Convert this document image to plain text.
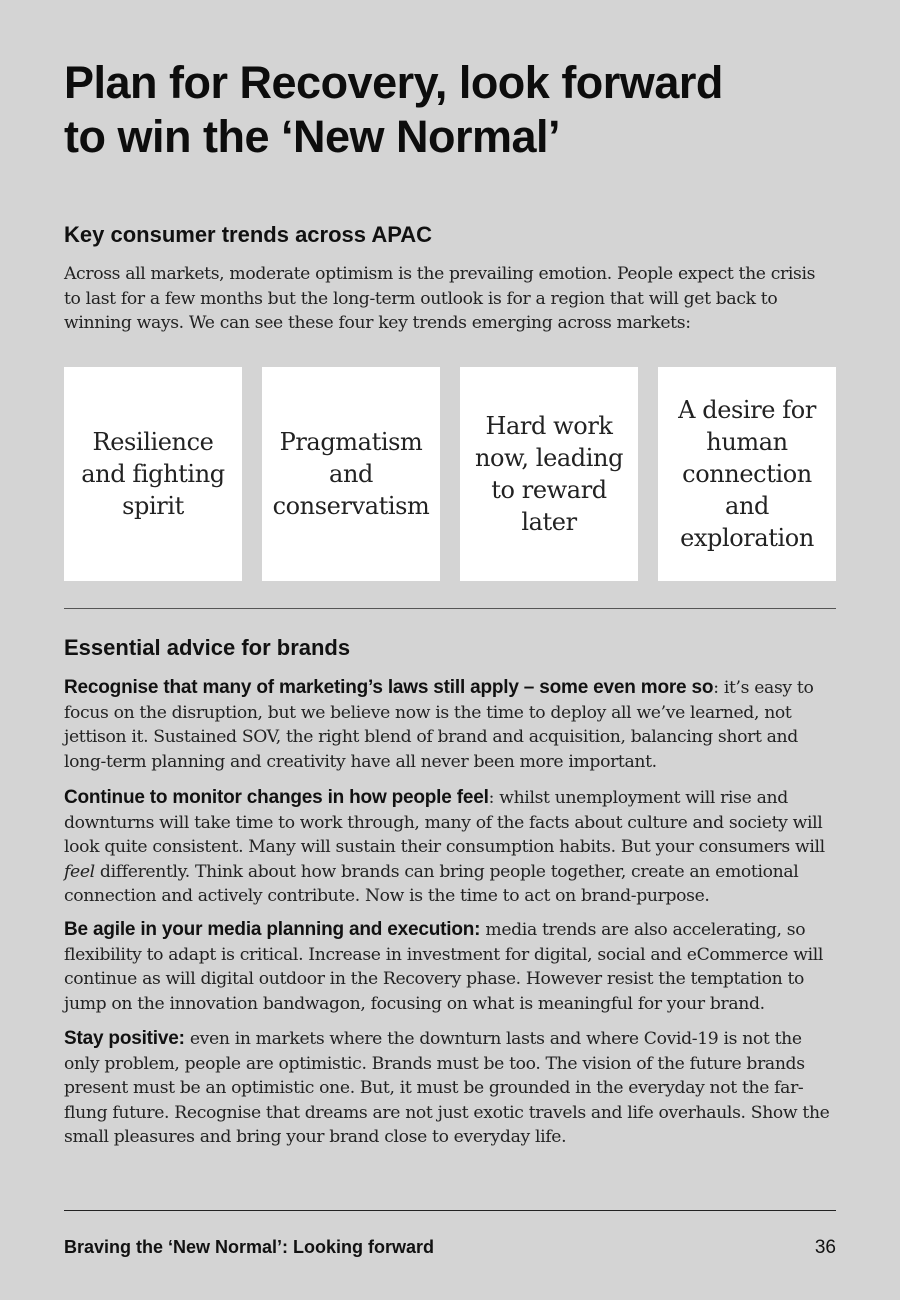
Plan for Recovery, look forward
to win the ‘New Normal’
Key consumer trends across APAC

Across all markets, moderate optimism is the prevailing emotion. People expect the crisis to last for a few months but the long-term outlook is for a region that will get back to winning ways. We can see these four key trends emerging across markets:

Resilience and fighting spirit
Pragmatism and conservatism
Hard work now, leading to reward later
A desire for human connection and exploration
Essential advice for brands

Recognise that many of marketing’s laws still apply – some even more so: it’s easy to focus on the disruption, but we believe now is the time to deploy all we’ve learned, not jettison it. Sustained SOV, the right blend of brand and acquisition, balancing short and long-term planning and creativity have all never been more important.

Continue to monitor changes in how people feel: whilst unemployment will rise and downturns will take time to work through, many of the facts about culture and society will look quite consistent. Many will sustain their consumption habits. But your consumers will feel differently. Think about how brands can bring people together, create an emotional connection and actively contribute. Now is the time to act on brand-purpose.

Be agile in your media planning and execution: media trends are also accelerating, so flexibility to adapt is critical. Increase in investment for digital, social and eCommerce will continue as will digital outdoor in the Recovery phase. However resist the temptation to jump on the innovation bandwagon, focusing on what is meaningful for your brand.

Stay positive: even in markets where the downturn lasts and where Covid-19 is not the only problem, people are optimistic. Brands must be too. The vision of the future brands present must be an optimistic one. But, it must be grounded in the everyday not the far-flung future. Recognise that dreams are not just exotic travels and life overhauls. Show the small pleasures and bring your brand close to everyday life.

Braving the ‘New Normal’: Looking forward	36
